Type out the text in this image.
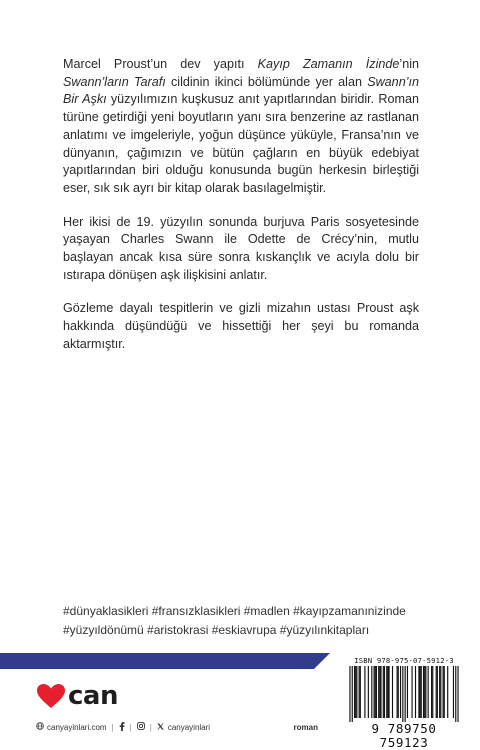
Marcel Proust’un dev yapıtı Kayıp Zamanın İzinde’nin Swann’ların Tarafı cildinin ikinci bölümünde yer alan Swann’ın Bir Aşkı yüzyılımızın kuşkusuz anıt yapıtlarından biridir. Roman türüne getirdiği yeni boyutların yanı sıra benzerine az rastlanan anlatımı ve imgeleriyle, yoğun düşünce yüküyle, Fransa’nın ve dünyanın, çağımızın ve bütün çağların en büyük edebiyat yapıtlarından biri olduğu konusunda bugün herkesin birleştiği eser, sık sık ayrı bir kitap olarak basılagelmiştir.

Her ikisi de 19. yüzyılın sonunda burjuva Paris sosyetesinde yaşayan Charles Swann ile Odette de Crécy’nin, mutlu başlayan ancak kısa süre sonra kıskançlık ve acıyla dolu bir ıstırapa dönüşen aşk ilişkisini anlatır.

Gözleme dayalı tespitlerin ve gizli mizahın ustası Proust aşk hakkında düşündüğü ve hissettiği her şeyi bu romanda aktarmıştır.

#dünyaklasikleri #fransızklasikleri #madlen #kayıpzamanınizinde
#yüzyıldönümü #aristokrasi #eskiavrupa #yüzyılınkitapları
can
canyayinlari.com | | | canyayinlari	roman
ISBN 978-975-07-5912-3
9 789750 759123
